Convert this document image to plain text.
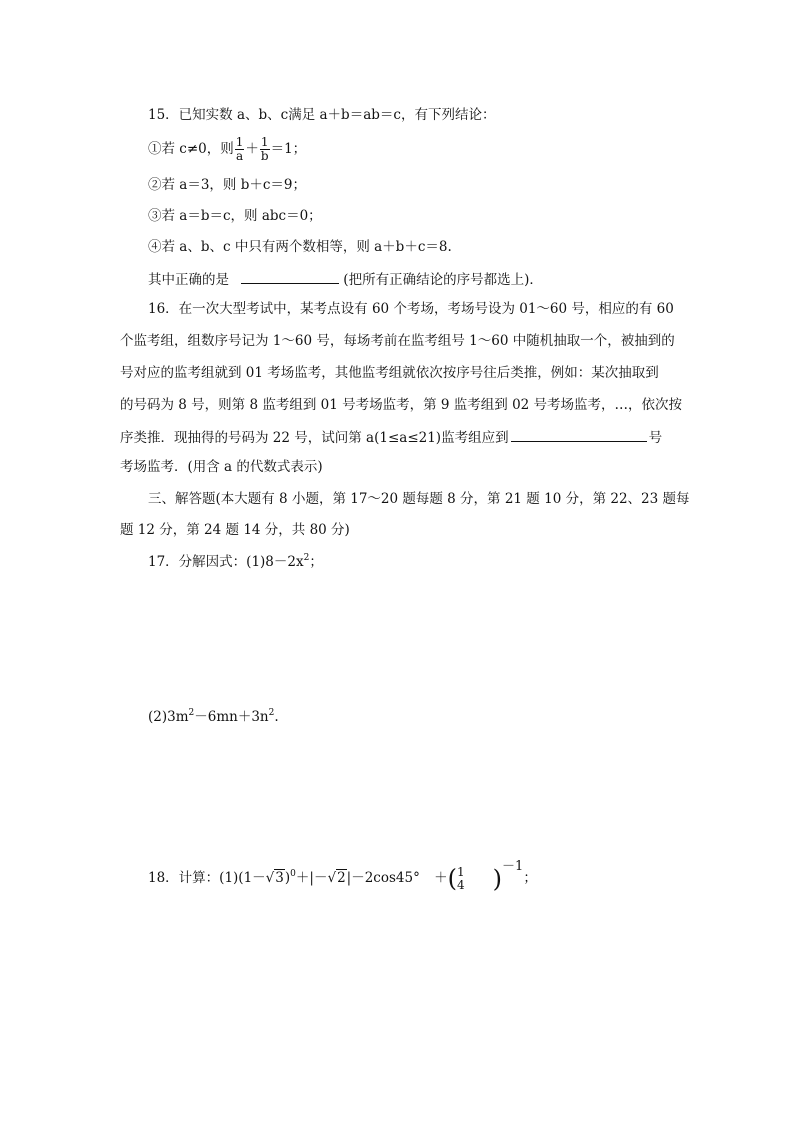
15．已知实数 a、b、c满足 a＋b＝ab＝c，有下列结论：
①若 c≠0，则 $\frac{1}{a} + \frac{1}{b} =1$；
②若 a＝3，则 b＋c＝9；
③若 a＝b＝c，则 abc＝0；
④若 a、b、c 中只有两个数相等，则 a＋b＋c＝8.
其中正确的是	(把所有正确结论的序号都选上)．
16．在一次大型考试中，某考点设有 60 个考场，考场号设为 01～60 号，相应的有 60
个监考组，组数序号记为 1～60 号，每场考前在监考组号 1～60 中随机抽取一个，被抽到的
号对应的监考组就到 01 考场监考，其他监考组就依次按序号往后类推，例如：某次抽取到
的号码为 8 号，则第 8 监考组到 01 号考场监考，第 9 监考组到 02 号考场监考，…，依次按
序类推．现抽得的号码为 22 号，试问第 a(1≤a≤21)监考组应到	号
考场监考．(用含 a 的代数式表示)
三、解答题(本大题有 8 小题，第 17～20 题每题 8 分，第 21 题 10 分，第 22、23 题每
题 12 分，第 24 题 14 分，共 80 分)
17．分解因式：$(1)8-2x^2$；
$(2)3m^2-6mn+3n^2$.
18．计算：$(1)(1-√3)^0+|-√2|-2\cos 45^\circ$ ＋( 1
4 )$^{-1}$；
